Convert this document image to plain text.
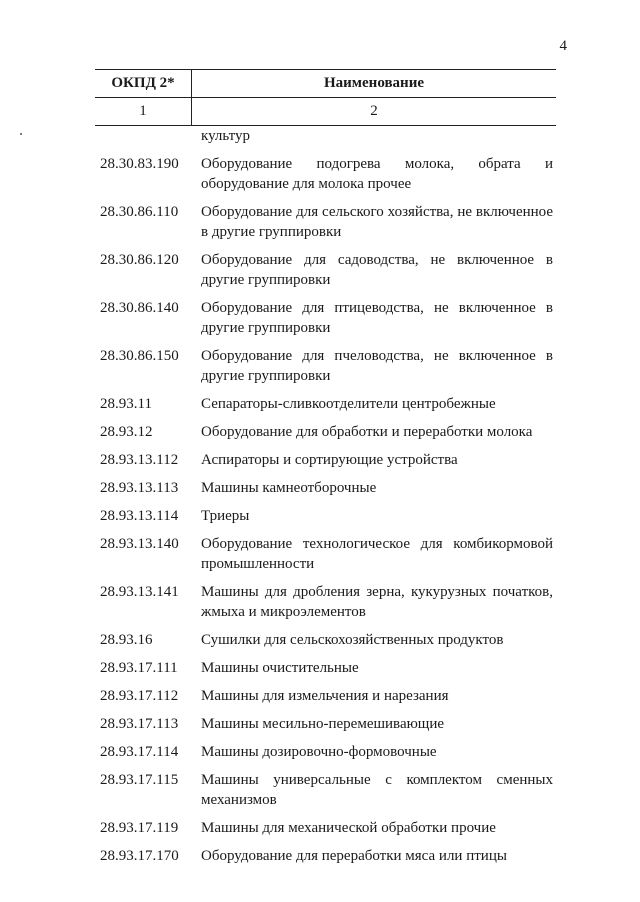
4
ОКПД 2*	Наименование
1	2
культур
28.30.83.190	Оборудование подогрева молока, обрата и оборудование для молока прочее
28.30.86.110	Оборудование для сельского хозяйства, не включенное в другие группировки
28.30.86.120	Оборудование для садоводства, не включенное в другие группировки
28.30.86.140	Оборудование для птицеводства, не включенное в другие группировки
28.30.86.150	Оборудование для пчеловодства, не включенное в другие группировки
28.93.11	Сепараторы-сливкоотделители центробежные
28.93.12	Оборудование для обработки и переработки молока
28.93.13.112	Аспираторы и сортирующие устройства
28.93.13.113	Машины камнеотборочные
28.93.13.114	Триеры
28.93.13.140	Оборудование технологическое для комбикормовой промышленности
28.93.13.141	Машины для дробления зерна, кукурузных початков, жмыха и микроэлементов
28.93.16	Сушилки для сельскохозяйственных продуктов
28.93.17.111	Машины очистительные
28.93.17.112	Машины для измельчения и нарезания
28.93.17.113	Машины месильно-перемешивающие
28.93.17.114	Машины дозировочно-формовочные
28.93.17.115	Машины универсальные с комплектом сменных механизмов
28.93.17.119	Машины для механической обработки прочие
28.93.17.170	Оборудование для переработки мяса или птицы
